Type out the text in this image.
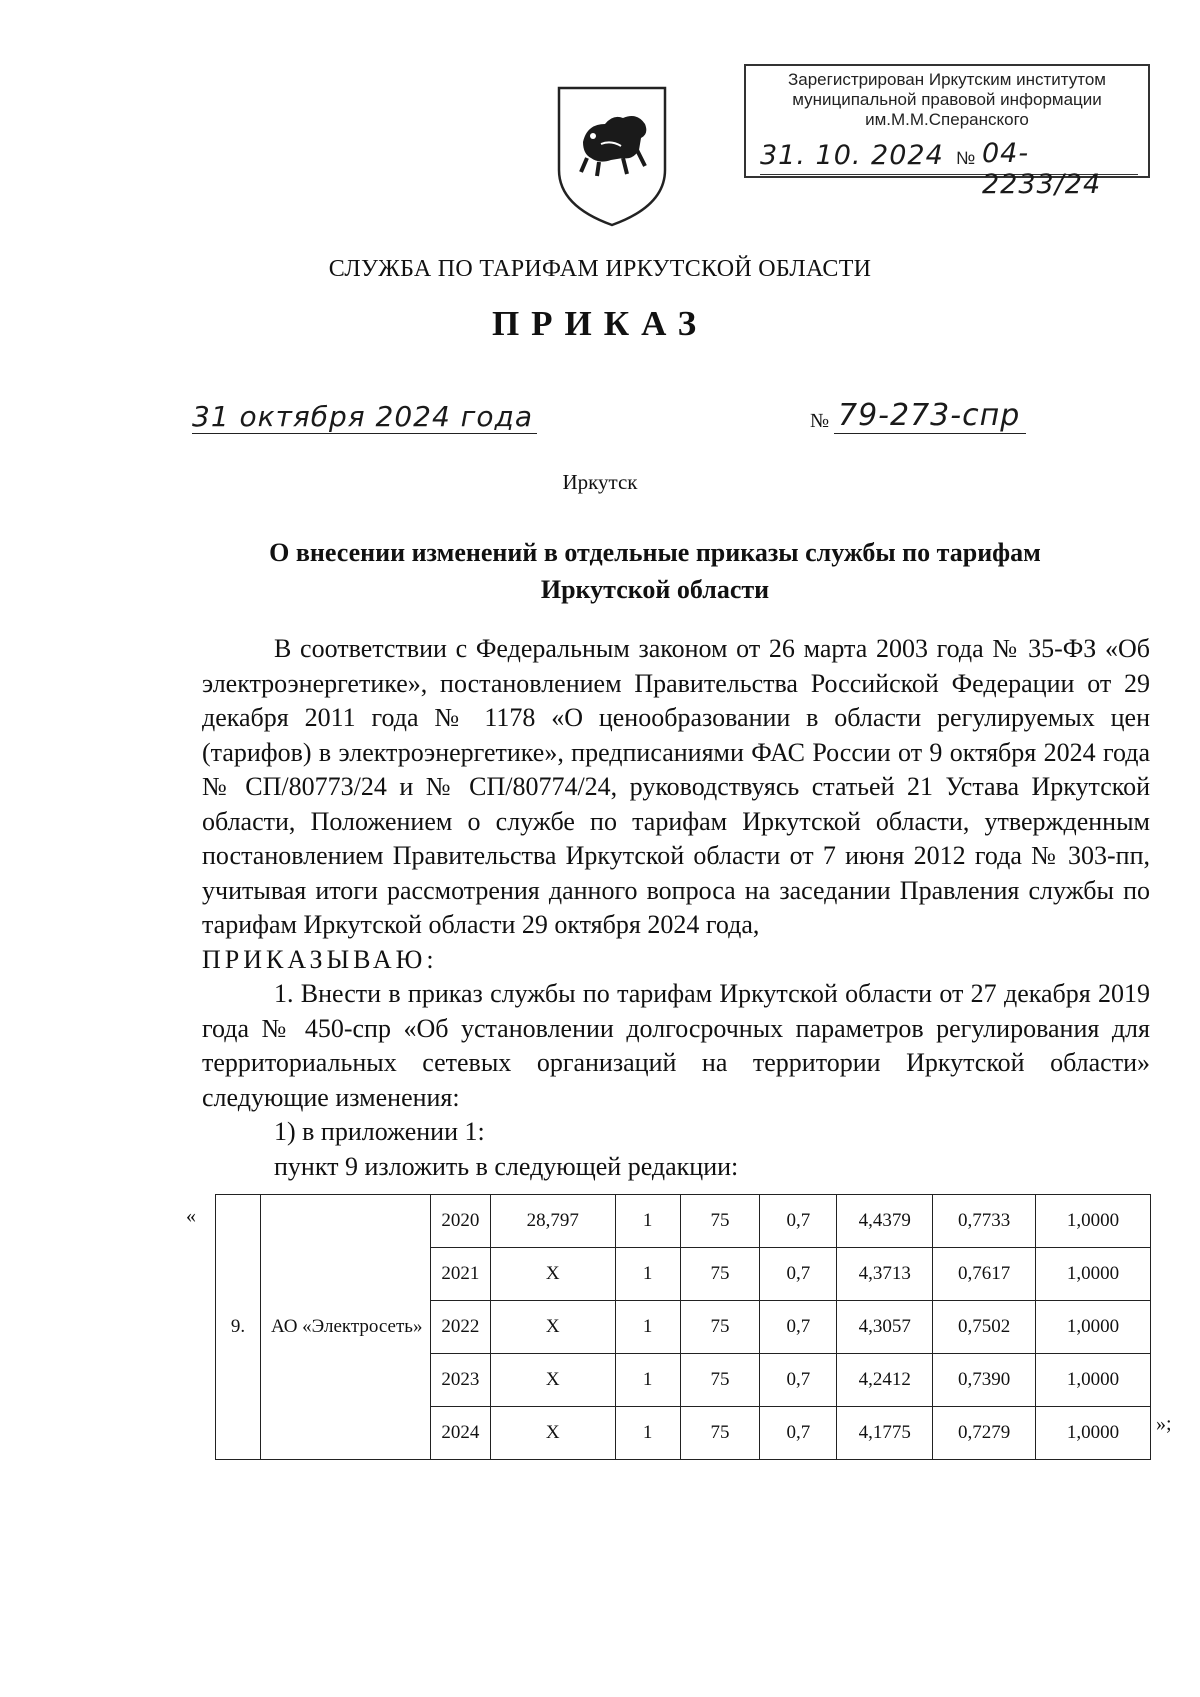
Зарегистрирован Иркутским институтом
муниципальной правовой информации
им.М.М.Сперанского
31. 10. 2024 № 04-2233/24
СЛУЖБА ПО ТАРИФАМ ИРКУТСКОЙ ОБЛАСТИ
ПРИКАЗ
31 октября 2024 года	№ 79-273-спр
Иркутск
О внесении изменений в отдельные приказы службы по тарифам
Иркутской области

В соответствии с Федеральным законом от 26 марта 2003 года № 35-ФЗ «Об электроэнергетике», постановлением Правительства Российской Федерации от 29 декабря 2011 года № 1178 «О ценообразовании в области регулируемых цен (тарифов) в электроэнергетике», предписаниями ФАС России от 9 октября 2024 года № СП/80773/24 и № СП/80774/24, руководствуясь статьей 21 Устава Иркутской области, Положением о службе по тарифам Иркутской области, утвержденным постановлением Правительства Иркутской области от 7 июня 2012 года № 303-пп, учитывая итоги рассмотрения данного вопроса на заседании Правления службы по тарифам Иркутской области 29 октября 2024 года,

ПРИКАЗЫВАЮ:

1. Внести в приказ службы по тарифам Иркутской области от 27 декабря 2019 года № 450-спр «Об установлении долгосрочных параметров регулирования для территориальных сетевых организаций на территории Иркутской области» следующие изменения:

1) в приложении 1:

пункт 9 изложить в следующей редакции:

«
9.	АО «Электросеть»	2020	28,797	1	75	0,7	4,4379	0,7733	1,0000
		2021	Х	1	75	0,7	4,3713	0,7617	1,0000
		2022	Х	1	75	0,7	4,3057	0,7502	1,0000
		2023	Х	1	75	0,7	4,2412	0,7390	1,0000
		2024	Х	1	75	0,7	4,1775	0,7279	1,0000 »;
